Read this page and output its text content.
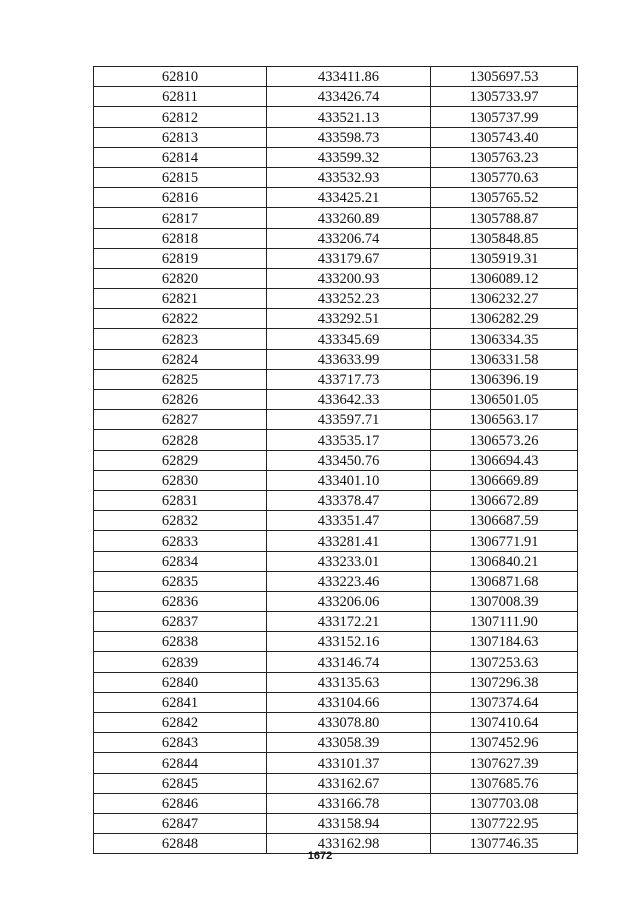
62810	433411.86	1305697.53
62811	433426.74	1305733.97
62812	433521.13	1305737.99
62813	433598.73	1305743.40
62814	433599.32	1305763.23
62815	433532.93	1305770.63
62816	433425.21	1305765.52
62817	433260.89	1305788.87
62818	433206.74	1305848.85
62819	433179.67	1305919.31
62820	433200.93	1306089.12
62821	433252.23	1306232.27
62822	433292.51	1306282.29
62823	433345.69	1306334.35
62824	433633.99	1306331.58
62825	433717.73	1306396.19
62826	433642.33	1306501.05
62827	433597.71	1306563.17
62828	433535.17	1306573.26
62829	433450.76	1306694.43
62830	433401.10	1306669.89
62831	433378.47	1306672.89
62832	433351.47	1306687.59
62833	433281.41	1306771.91
62834	433233.01	1306840.21
62835	433223.46	1306871.68
62836	433206.06	1307008.39
62837	433172.21	1307111.90
62838	433152.16	1307184.63
62839	433146.74	1307253.63
62840	433135.63	1307296.38
62841	433104.66	1307374.64
62842	433078.80	1307410.64
62843	433058.39	1307452.96
62844	433101.37	1307627.39
62845	433162.67	1307685.76
62846	433166.78	1307703.08
62847	433158.94	1307722.95
62848	433162.98	1307746.35
1672
